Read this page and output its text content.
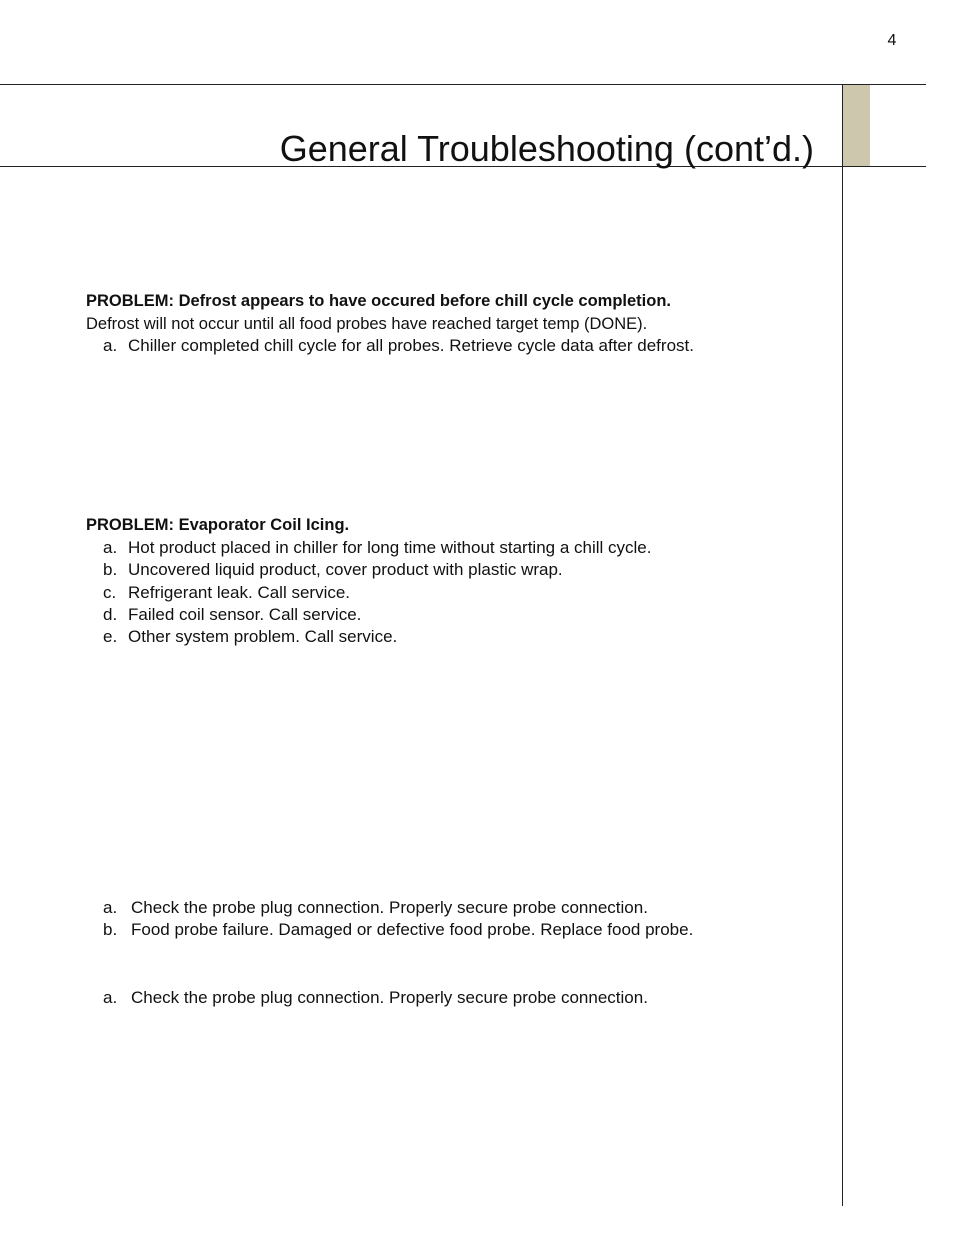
4
General Troubleshooting (cont’d.)
PROBLEM: Defrost appears to have occured before chill cycle completion.
Defrost will not occur until all food probes have reached target temp (DONE).
a. Chiller completed chill cycle for all probes. Retrieve cycle data after defrost.
PROBLEM: Evaporator Coil Icing.
a. Hot product placed in chiller for long time without starting a chill cycle.
b. Uncovered liquid product, cover product with plastic wrap.
c. Refrigerant leak. Call service.
d. Failed coil sensor. Call service.
e. Other system problem. Call service.
a. Check the probe plug connection. Properly secure probe connection.
b. Food probe failure. Damaged or defective food probe. Replace food probe.
a. Check the probe plug connection. Properly secure probe connection.
